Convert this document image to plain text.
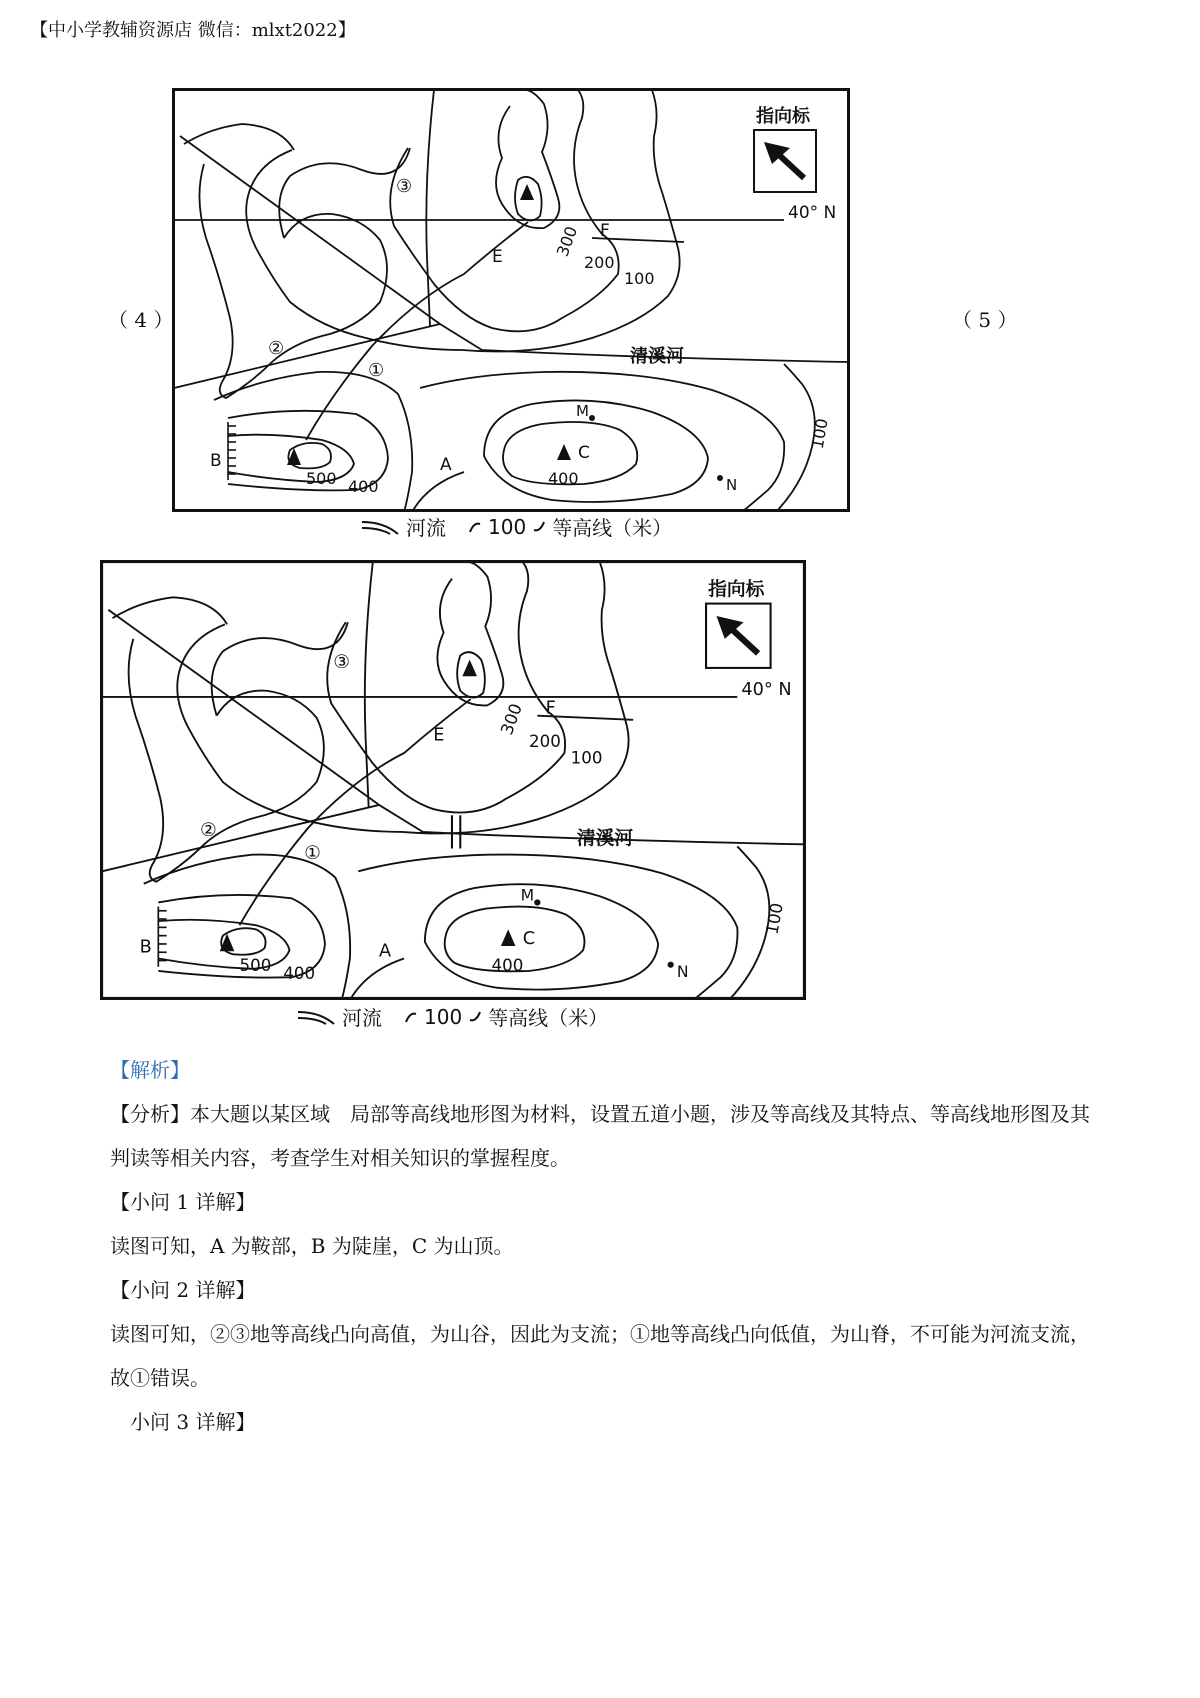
【中小学教辅资源店 微信：mlxt2022】
（ 4 ）	（ 5 ）
指向标
40° N
清溪河
A
B	C
E
F
M
N
①
②
③
500 400	400
300
200
100
100
河流 100 等高线（米）
指向标
40° N
清溪河
A
B	C
E
F
M
N
①
②
③
500 400	400
300
200
100
100
河流 100 等高线（米）

【解析】

【分析】本大题以某区域　局部等高线地形图为材料，设置五道小题，涉及等高线及其特点、等高线地形图及其判读等相关内容，考查学生对相关知识的掌握程度。

【小问 1 详解】

读图可知，A 为鞍部，B 为陡崖，C 为山顶。

【小问 2 详解】

读图可知，②③地等高线凸向高值，为山谷，因此为支流；①地等高线凸向低值，为山脊，不可能为河流支流，故①错误。

　小问 3 详解】
